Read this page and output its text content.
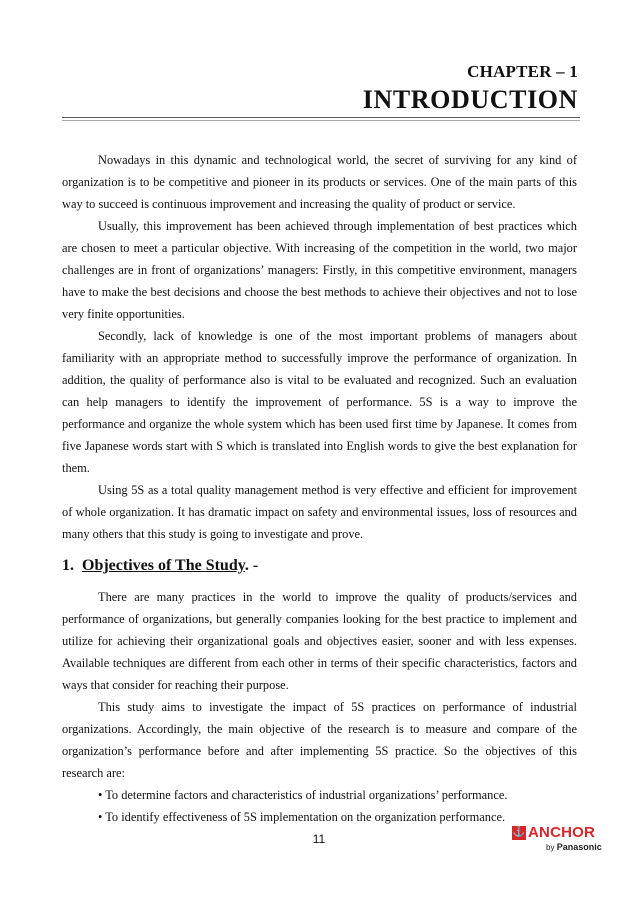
CHAPTER – 1
INTRODUCTION

Nowadays in this dynamic and technological world, the secret of surviving for any kind of organization is to be competitive and pioneer in its products or services. One of the main parts of this way to succeed is continuous improvement and increasing the quality of product or service.

Usually, this improvement has been achieved through implementation of best practices which are chosen to meet a particular objective. With increasing of the competition in the world, two major challenges are in front of organizations’ managers: Firstly, in this competitive environment, managers have to make the best decisions and choose the best methods to achieve their objectives and not to lose very finite opportunities.

Secondly, lack of knowledge is one of the most important problems of managers about familiarity with an appropriate method to successfully improve the performance of organization. In addition, the quality of performance also is vital to be evaluated and recognized. Such an evaluation can help managers to identify the improvement of performance. 5S is a way to improve the performance and organize the whole system which has been used first time by Japanese. It comes from five Japanese words start with S which is translated into English words to give the best explanation for them.

Using 5S as a total quality management method is very effective and efficient for improvement of whole organization. It has dramatic impact on safety and environmental issues, loss of resources and many others that this study is going to investigate and prove.

1. Objectives of The Study. -

There are many practices in the world to improve the quality of products/services and performance of organizations, but generally companies looking for the best practice to implement and utilize for achieving their organizational goals and objectives easier, sooner and with less expenses. Available techniques are different from each other in terms of their specific characteristics, factors and ways that consider for reaching their purpose.

This study aims to investigate the impact of 5S practices on performance of industrial organizations. Accordingly, the main objective of the research is to measure and compare of the organization’s performance before and after implementing 5S practice. So the objectives of this research are:

• To determine factors and characteristics of industrial organizations’ performance.

• To identify effectiveness of 5S implementation on the organization performance.

11	⚓ ANCHOR
by Panasonic
